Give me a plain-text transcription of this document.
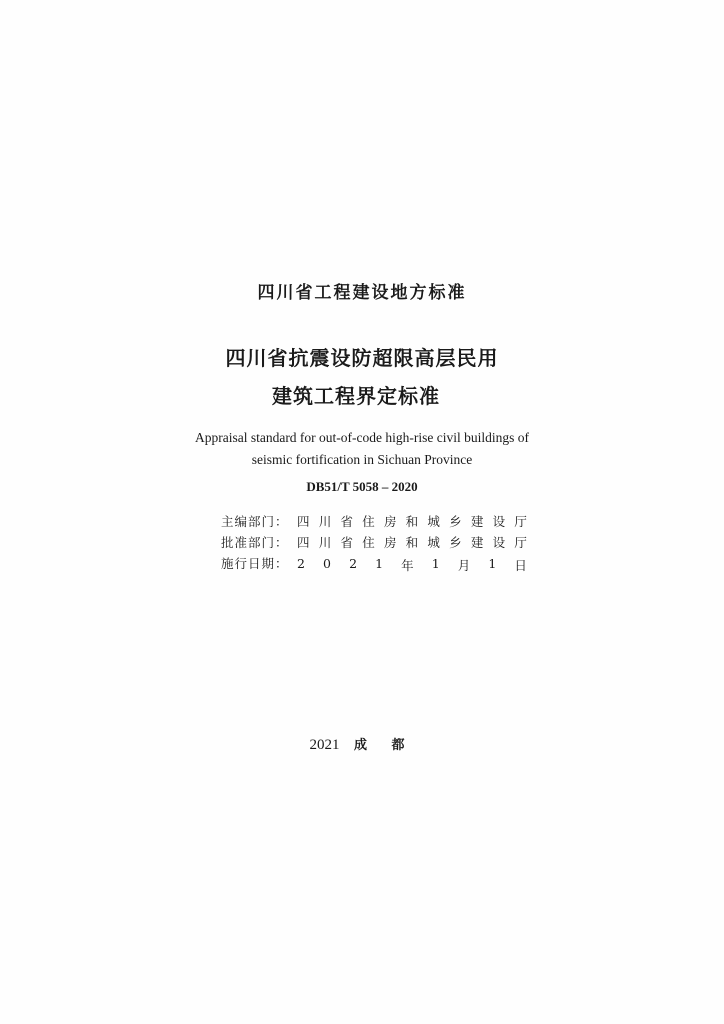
四川省工程建设地方标准
四川省抗震设防超限高层民用
建筑工程界定标准
Appraisal standard for out-of-code high-rise civil buildings of
seismic fortification in Sichuan Province
DB51/T 5058 – 2020
主编部门： 四 川 省 住 房 和 城 乡 建 设 厅
批准部门： 四 川 省 住 房 和 城 乡 建 设 厅
施行日期： 2 0 2 1 年 1 月 1 日
2021 成 都
